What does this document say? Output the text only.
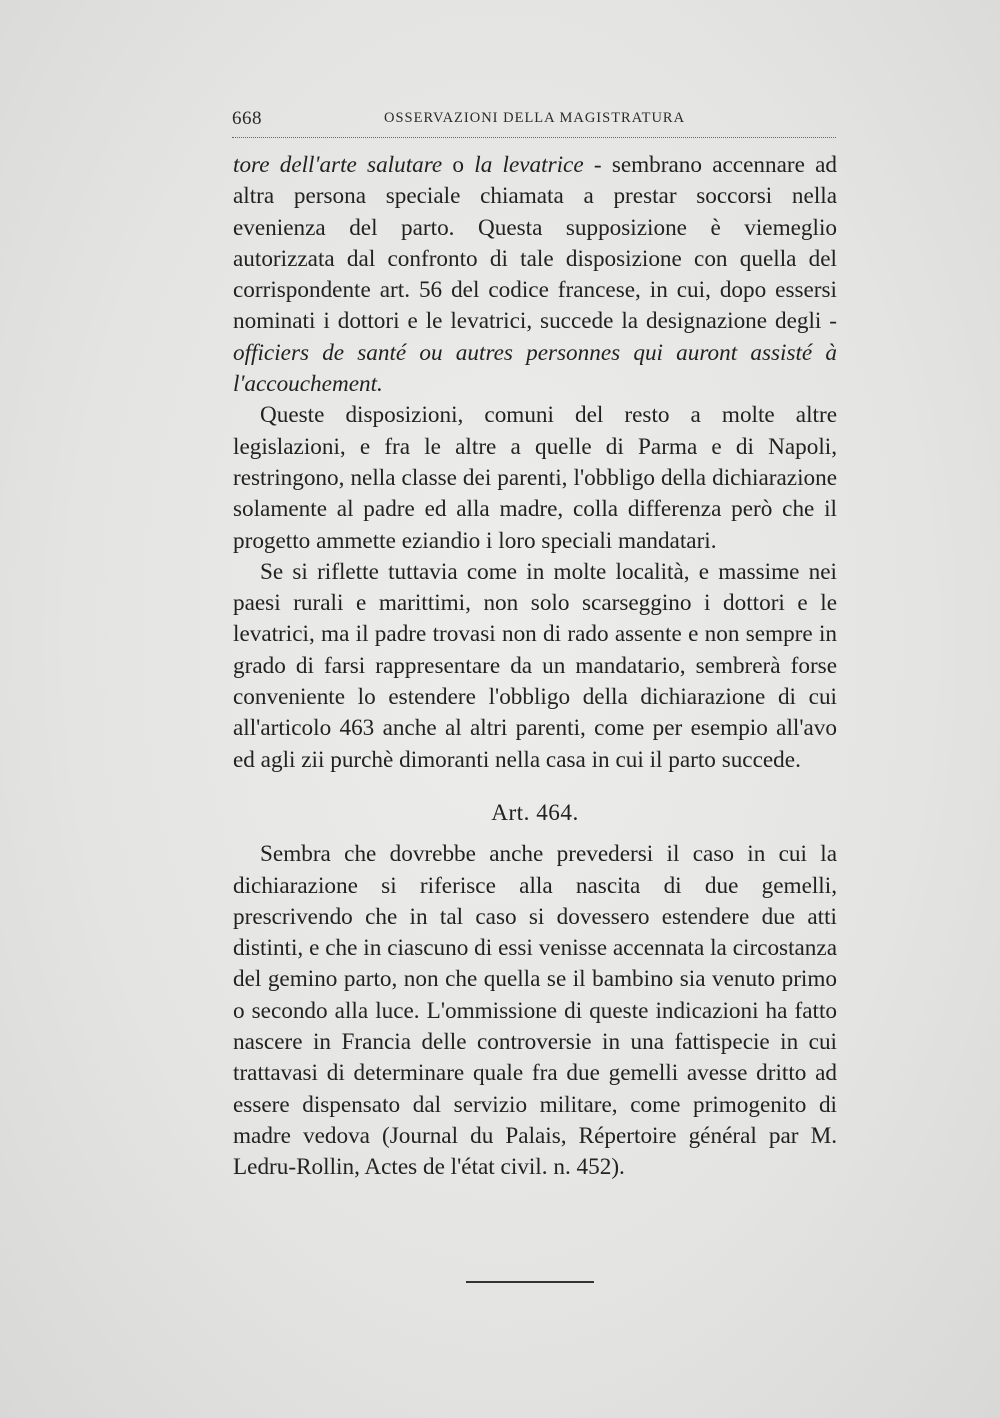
668	OSSERVAZIONI DELLA MAGISTRATURA

tore dell'arte salutare o la levatrice - sembrano accennare ad altra persona speciale chiamata a prestar soccorsi nella evenienza del parto. Questa supposizione è viemeglio autorizzata dal confronto di tale disposizione con quella del corrispondente art. 56 del codice francese, in cui, dopo essersi nominati i dottori e le levatrici, succede la designazione degli - officiers de santé ou autres personnes qui auront assisté à l'accouchement.

Queste disposizioni, comuni del resto a molte altre legislazioni, e fra le altre a quelle di Parma e di Napoli, restringono, nella classe dei parenti, l'obbligo della dichiarazione solamente al padre ed alla madre, colla differenza però che il progetto ammette eziandio i loro speciali mandatari.

Se si riflette tuttavia come in molte località, e massime nei paesi rurali e marittimi, non solo scarseggino i dottori e le levatrici, ma il padre trovasi non di rado assente e non sempre in grado di farsi rappresentare da un mandatario, sembrerà forse conveniente lo estendere l'obbligo della dichiarazione di cui all'articolo 463 anche al altri parenti, come per esempio all'avo ed agli zii purchè dimoranti nella casa in cui il parto succede.

Art. 464.

Sembra che dovrebbe anche prevedersi il caso in cui la dichiarazione si riferisce alla nascita di due gemelli, prescrivendo che in tal caso si dovessero estendere due atti distinti, e che in ciascuno di essi venisse accennata la circostanza del gemino parto, non che quella se il bambino sia venuto primo o secondo alla luce. L'ommissione di queste indicazioni ha fatto nascere in Francia delle controversie in una fattispecie in cui trattavasi di determinare quale fra due gemelli avesse dritto ad essere dispensato dal servizio militare, come primogenito di madre vedova (Journal du Palais, Répertoire général par M. Ledru-Rollin, Actes de l'état civil. n. 452).
